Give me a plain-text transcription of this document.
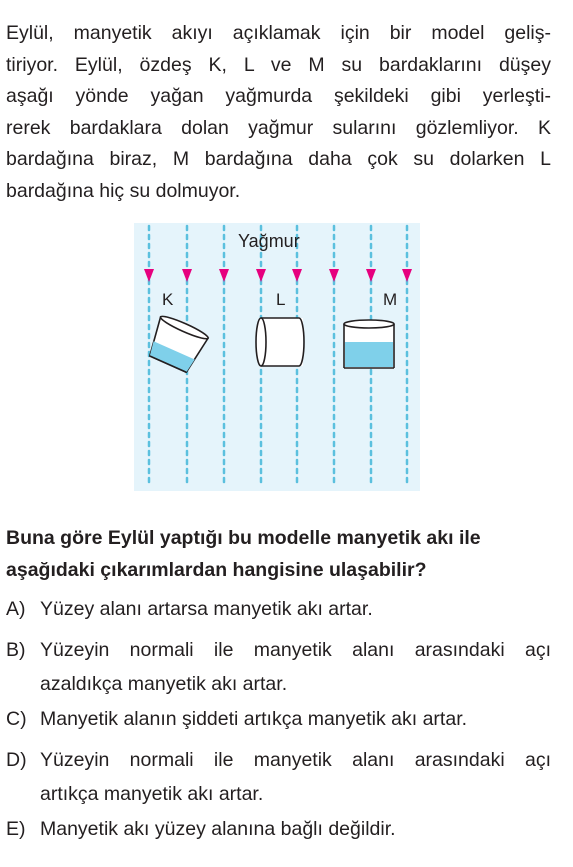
Eylül, manyetik akıyı açıklamak için bir model geliş-
tiriyor. Eylül, özdeş K, L ve M su bardaklarını düşey
aşağı yönde yağan yağmurda şekildeki gibi yerleşti-
rerek bardaklara dolan yağmur sularını gözlemliyor. K
bardağına biraz, M bardağına daha çok su dolarken L
bardağına hiç su dolmuyor.
Yağmur
K	L	M
Buna göre Eylül yaptığı bu modelle manyetik akı ile
aşağıdaki çıkarımlardan hangisine ulaşabilir?
A) Yüzey alanı artarsa manyetik akı artar.
B) Yüzeyin normali ile manyetik alanı arasındaki açı
azaldıkça manyetik akı artar.
C) Manyetik alanın şiddeti artıkça manyetik akı artar.
D) Yüzeyin normali ile manyetik alanı arasındaki açı
artıkça manyetik akı artar.
E) Manyetik akı yüzey alanına bağlı değildir.
